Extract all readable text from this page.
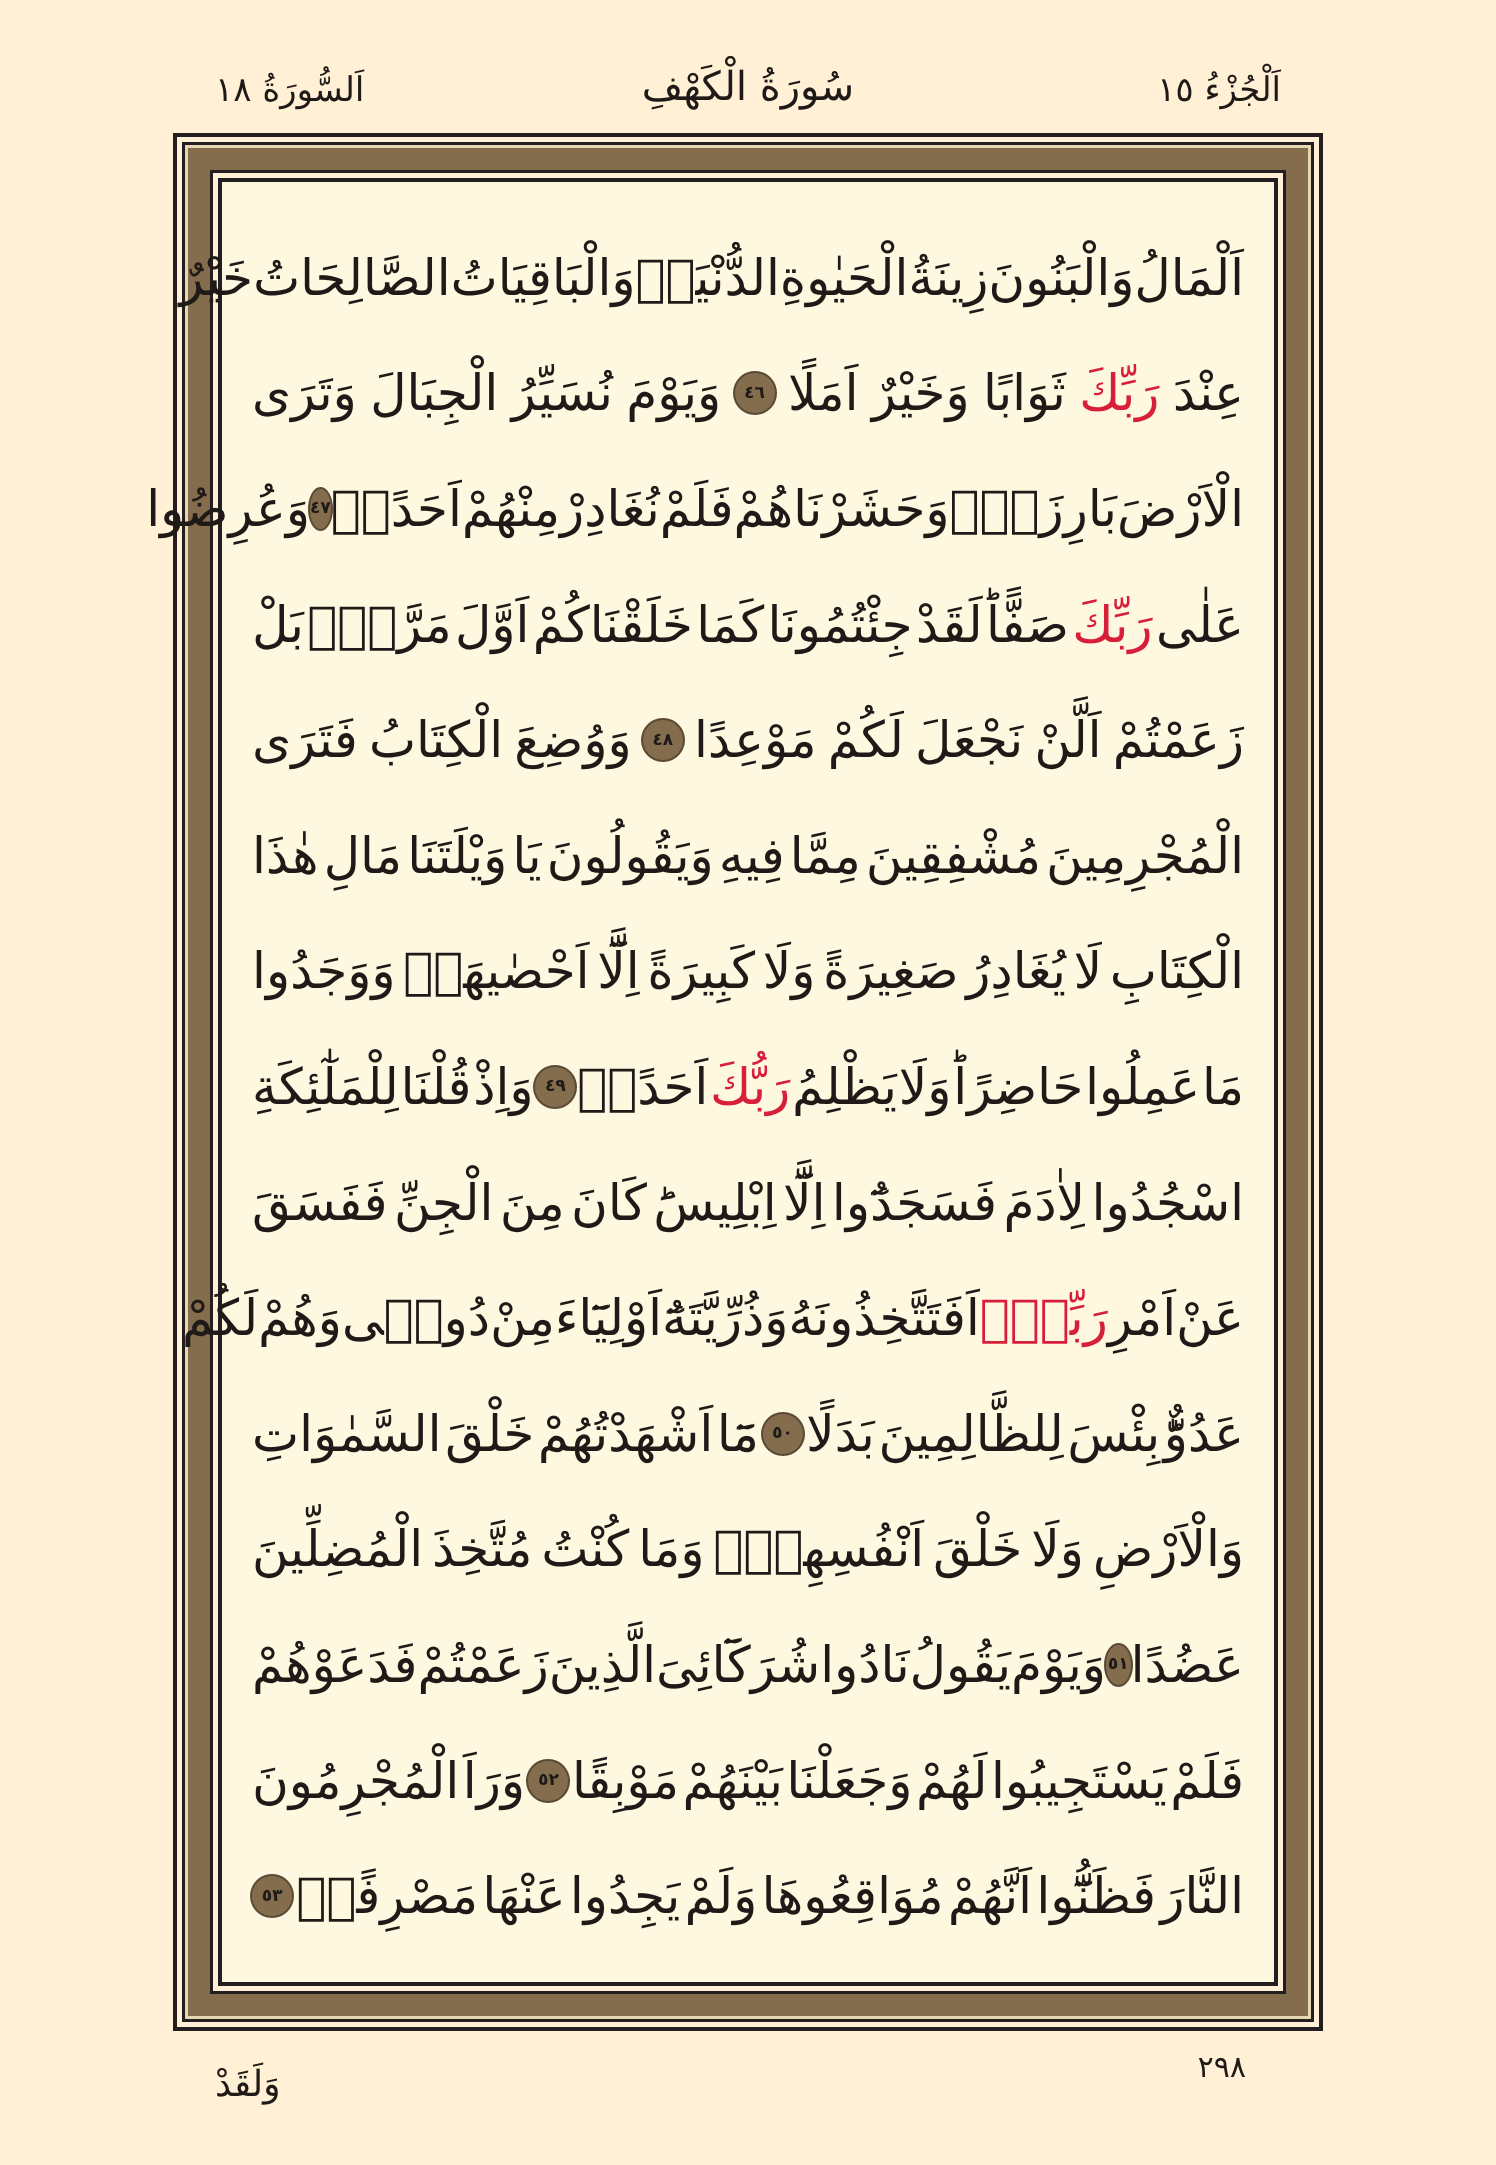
اَلْجُزْءُ ١٥
سُورَةُ الْكَهْفِ
اَلسُّورَةُ ١٨
اَلْمَالُ
وَالْبَنُونَ
زِينَةُ
الْحَيٰوةِ
الدُّنْيَاۚ
وَالْبَاقِيَاتُ
الصَّالِحَاتُ
خَيْرٌ
عِنْدَ
رَبِّكَ
ثَوَابًا
وَخَيْرٌ
اَمَلًا
٤٦
وَيَوْمَ
نُسَيِّرُ
الْجِبَالَ
وَتَرَى
الْاَرْضَ
بَارِزَةًۙ
وَحَشَرْنَاهُمْ
فَلَمْ
نُغَادِرْ
مِنْهُمْ
اَحَدًاۚ
٤٧
وَعُرِضُوا
عَلٰى
رَبِّكَ
صَفًّاؕ
لَقَدْ
جِئْتُمُونَا
كَمَا
خَلَقْنَاكُمْ
اَوَّلَ
مَرَّةٍۘ
بَلْ
زَعَمْتُمْ
اَلَّنْ
نَجْعَلَ
لَكُمْ
مَوْعِدًا
٤٨
وَوُضِعَ
الْكِتَابُ
فَتَرَى
الْمُجْرِمِينَ
مُشْفِقِينَ
مِمَّا
فِيهِ
وَيَقُولُونَ
يَا
وَيْلَتَنَا
مَالِ
هٰذَا
الْكِتَابِ
لَا
يُغَادِرُ
صَغِيرَةً
وَلَا
كَبِيرَةً
اِلَّٓا
اَحْصٰيهَاۚ
وَوَجَدُوا
مَا
عَمِلُوا
حَاضِرًاؕ
وَلَا
يَظْلِمُ
رَبُّكَ
اَحَدًاࣖ
٤٩
وَاِذْ
قُلْنَا
لِلْمَلٰٓئِكَةِ
اسْجُدُوا
لِاٰدَمَ
فَسَجَدُٓوا
اِلَّٓا
اِبْلِيسَؕ
كَانَ
مِنَ
الْجِنِّ
فَفَسَقَ
عَنْ
اَمْرِ
رَبِّهٖؕ
اَفَتَتَّخِذُونَهُ
وَذُرِّيَّتَهُٓ
اَوْلِيَٓاءَ
مِنْ
دُونٖى
وَهُمْ
لَكُمْ
عَدُوٌّؕ
بِئْسَ
لِلظَّالِمِينَ
بَدَلًا
٥٠
مَٓا
اَشْهَدْتُهُمْ
خَلْقَ
السَّمٰوَاتِ
وَالْاَرْضِ
وَلَا
خَلْقَ
اَنْفُسِهِمْۖ
وَمَا
كُنْتُ
مُتَّخِذَ
الْمُضِلِّينَ
عَضُدًا
٥١
وَيَوْمَ
يَقُولُ
نَادُوا
شُرَكَٓائِىَ
الَّذِينَ
زَعَمْتُمْ
فَدَعَوْهُمْ
فَلَمْ
يَسْتَجِيبُوا
لَهُمْ
وَجَعَلْنَا
بَيْنَهُمْ
مَوْبِقًا
٥٢
وَرَاَ
الْمُجْرِمُونَ
النَّارَ
فَظَنُّٓوا
اَنَّهُمْ
مُوَاقِعُوهَا
وَلَمْ
يَجِدُوا
عَنْهَا
مَصْرِفًاࣖ
٥٣
٢٩٨
وَلَقَدْ
